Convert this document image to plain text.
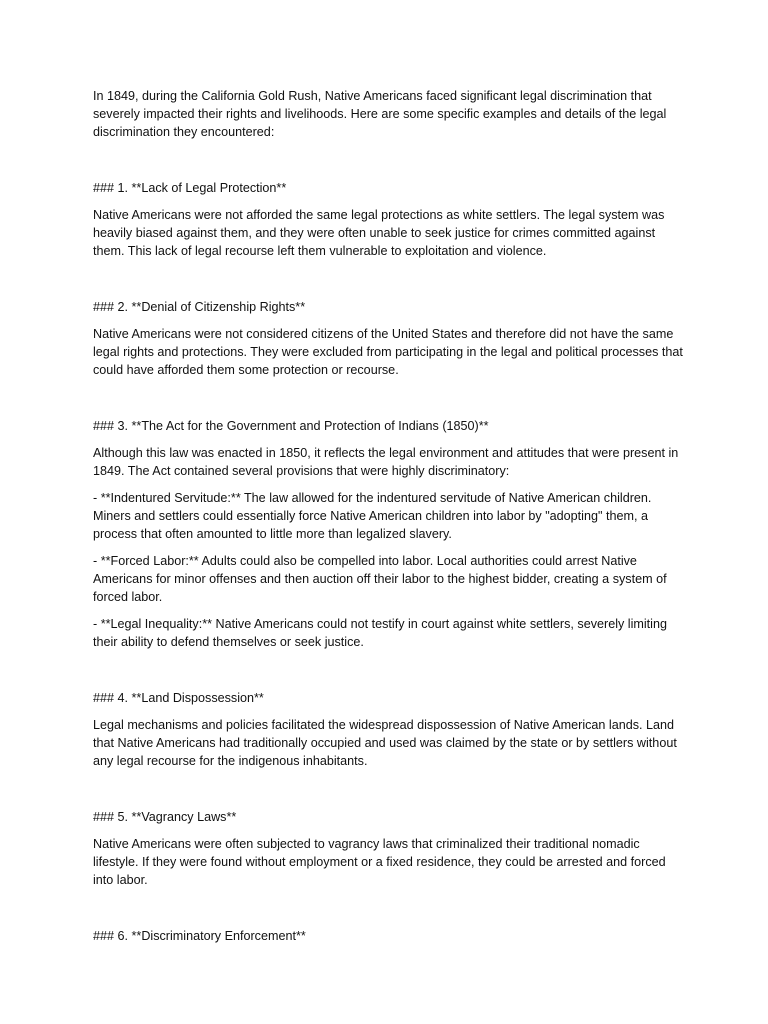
In 1849, during the California Gold Rush, Native Americans faced significant legal discrimination that severely impacted their rights and livelihoods. Here are some specific examples and details of the legal discrimination they encountered:

### 1. **Lack of Legal Protection**

Native Americans were not afforded the same legal protections as white settlers. The legal system was heavily biased against them, and they were often unable to seek justice for crimes committed against them. This lack of legal recourse left them vulnerable to exploitation and violence.

### 2. **Denial of Citizenship Rights**

Native Americans were not considered citizens of the United States and therefore did not have the same legal rights and protections. They were excluded from participating in the legal and political processes that could have afforded them some protection or recourse.

### 3. **The Act for the Government and Protection of Indians (1850)**

Although this law was enacted in 1850, it reflects the legal environment and attitudes that were present in 1849. The Act contained several provisions that were highly discriminatory:

- **Indentured Servitude:** The law allowed for the indentured servitude of Native American children. Miners and settlers could essentially force Native American children into labor by "adopting" them, a process that often amounted to little more than legalized slavery.

- **Forced Labor:** Adults could also be compelled into labor. Local authorities could arrest Native Americans for minor offenses and then auction off their labor to the highest bidder, creating a system of forced labor.

- **Legal Inequality:** Native Americans could not testify in court against white settlers, severely limiting their ability to defend themselves or seek justice.

### 4. **Land Dispossession**

Legal mechanisms and policies facilitated the widespread dispossession of Native American lands. Land that Native Americans had traditionally occupied and used was claimed by the state or by settlers without any legal recourse for the indigenous inhabitants.

### 5. **Vagrancy Laws**

Native Americans were often subjected to vagrancy laws that criminalized their traditional nomadic lifestyle. If they were found without employment or a fixed residence, they could be arrested and forced into labor.

### 6. **Discriminatory Enforcement**
